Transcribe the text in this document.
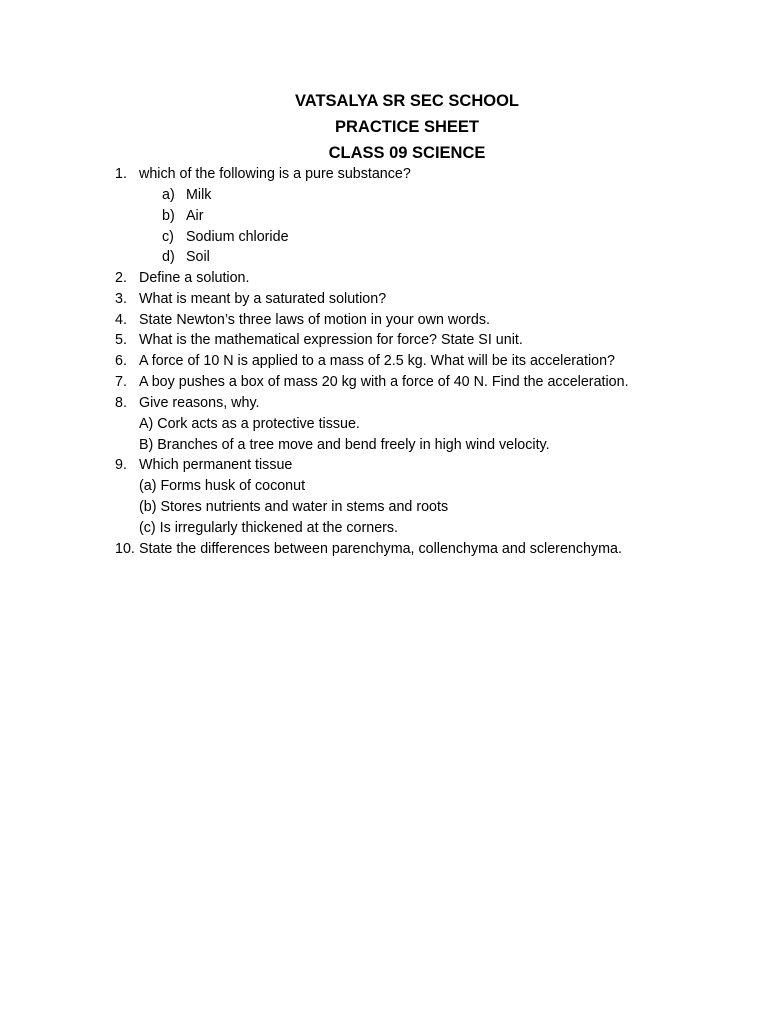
VATSALYA SR SEC SCHOOL
PRACTICE SHEET
CLASS 09 SCIENCE
1. which of the following is a pure substance?
a) Milk
b) Air
c) Sodium chloride
d) Soil
2. Define a solution.
3. What is meant by a saturated solution?
4. State Newton’s three laws of motion in your own words.
5. What is the mathematical expression for force? State SI unit.
6. A force of 10 N is applied to a mass of 2.5 kg. What will be its acceleration?
7. A boy pushes a box of mass 20 kg with a force of 40 N. Find the acceleration.
8. Give reasons, why.
A) Cork acts as a protective tissue.
B) Branches of a tree move and bend freely in high wind velocity.
9. Which permanent tissue
(a) Forms husk of coconut
(b) Stores nutrients and water in stems and roots
(c) Is irregularly thickened at the corners.
10. State the differences between parenchyma, collenchyma and sclerenchyma.
